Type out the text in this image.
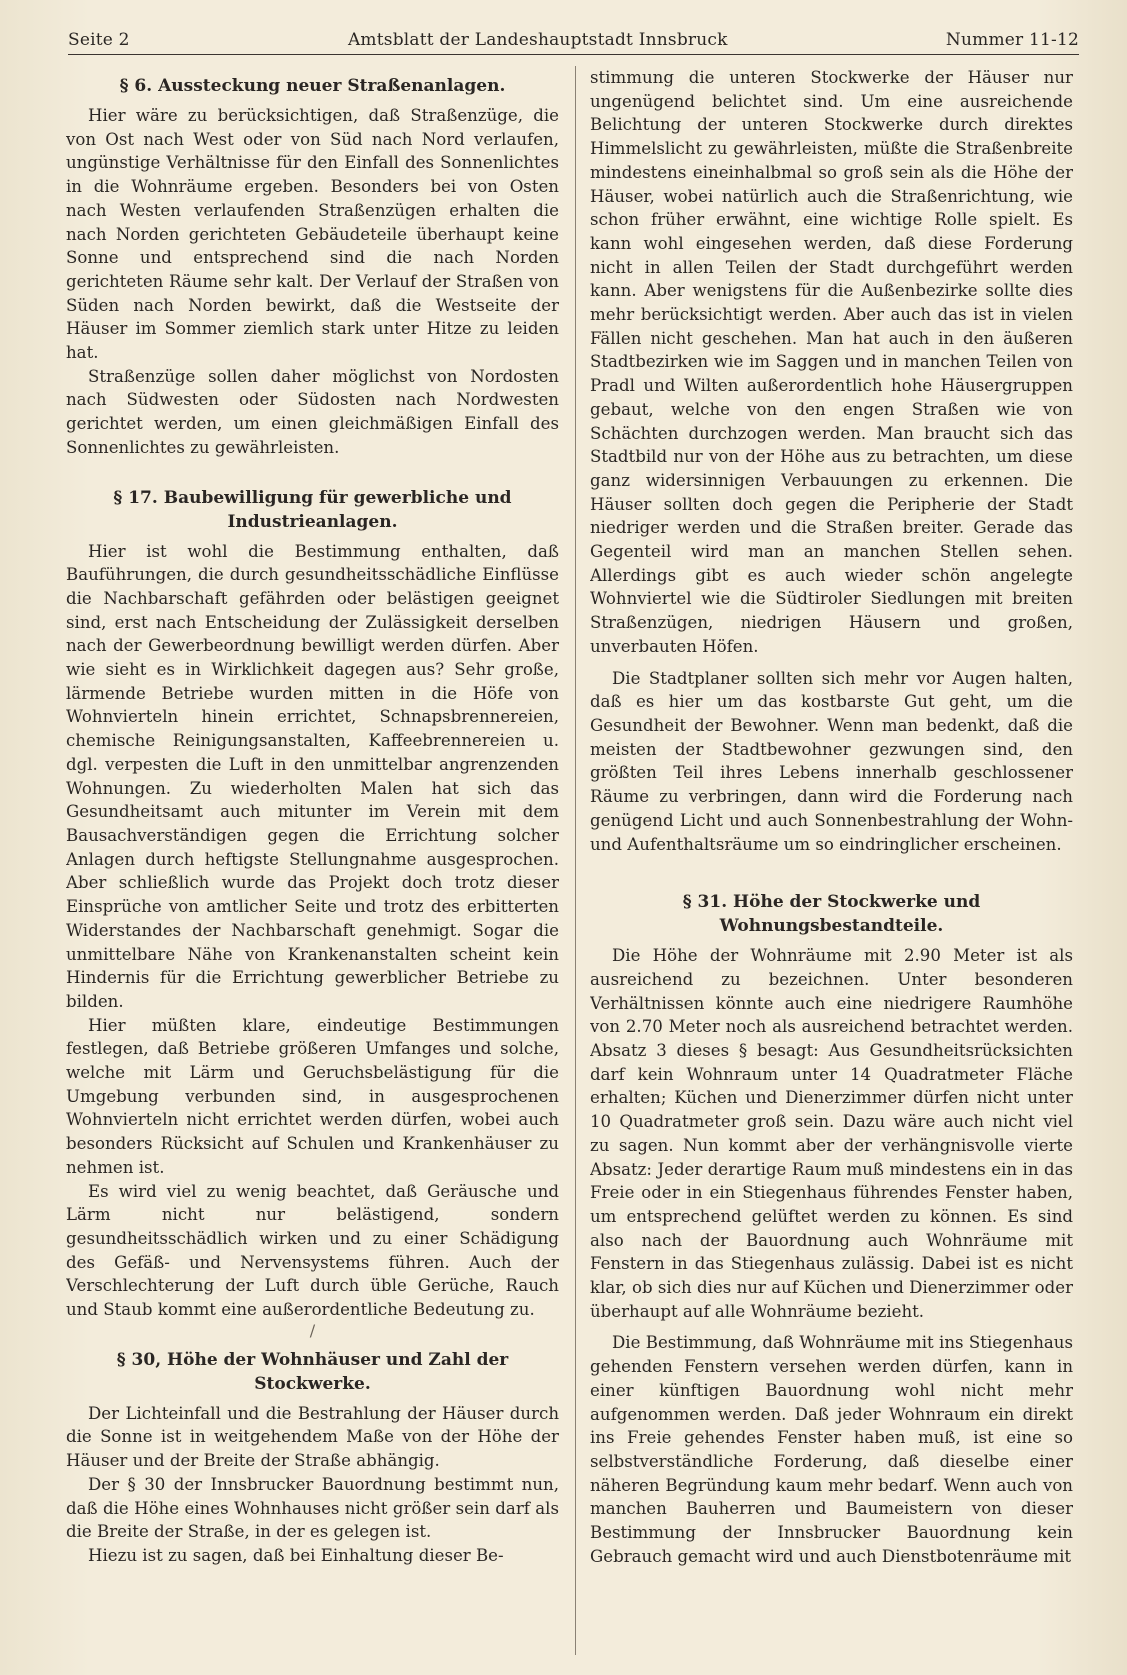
Seite 2	Amtsblatt der Landeshauptstadt Innsbruck	Nummer 11-12
§ 6. Aussteckung neuer Straßenanlagen.

Hier wäre zu berücksichtigen, daß Straßenzüge, die von Ost nach West oder von Süd nach Nord verlaufen, ungünstige Verhältnisse für den Einfall des Sonnenlichtes in die Wohnräume ergeben. Besonders bei von Osten nach Westen verlaufenden Straßenzügen erhalten die nach Norden gerichteten Gebäudeteile überhaupt keine Sonne und entsprechend sind die nach Norden gerichteten Räume sehr kalt. Der Verlauf der Straßen von Süden nach Norden bewirkt, daß die Westseite der Häuser im Sommer ziemlich stark unter Hitze zu leiden hat.

Straßenzüge sollen daher möglichst von Nordosten nach Südwesten oder Südosten nach Nordwesten gerichtet werden, um einen gleichmäßigen Einfall des Sonnenlichtes zu gewährleisten.

§ 17. Baubewilligung für gewerbliche und Industrieanlagen.

Hier ist wohl die Bestimmung enthalten, daß Bauführungen, die durch gesundheitsschädliche Einflüsse die Nachbarschaft gefährden oder belästigen geeignet sind, erst nach Entscheidung der Zulässigkeit derselben nach der Gewerbeordnung bewilligt werden dürfen. Aber wie sieht es in Wirklichkeit dagegen aus? Sehr große, lärmende Betriebe wurden mitten in die Höfe von Wohnvierteln hinein errichtet, Schnapsbrennereien, chemische Reinigungsanstalten, Kaffeebrennereien u. dgl. verpesten die Luft in den unmittelbar angrenzenden Wohnungen. Zu wiederholten Malen hat sich das Gesundheitsamt auch mitunter im Verein mit dem Bausachverständigen gegen die Errichtung solcher Anlagen durch heftigste Stellungnahme ausgesprochen. Aber schließlich wurde das Projekt doch trotz dieser Einsprüche von amtlicher Seite und trotz des erbitterten Widerstandes der Nachbarschaft genehmigt. Sogar die unmittelbare Nähe von Krankenanstalten scheint kein Hindernis für die Errichtung gewerblicher Betriebe zu bilden.

Hier müßten klare, eindeutige Bestimmungen festlegen, daß Betriebe größeren Umfanges und solche, welche mit Lärm und Geruchsbelästigung für die Umgebung verbunden sind, in ausgesprochenen Wohnvierteln nicht errichtet werden dürfen, wobei auch besonders Rücksicht auf Schulen und Krankenhäuser zu nehmen ist.

Es wird viel zu wenig beachtet, daß Geräusche und Lärm nicht nur belästigend, sondern gesundheitsschädlich wirken und zu einer Schädigung des Gefäß- und Nervensystems führen. Auch der Verschlechterung der Luft durch üble Gerüche, Rauch und Staub kommt eine außerordentliche Bedeutung zu.

/
§ 30, Höhe der Wohnhäuser und Zahl der Stockwerke.

Der Lichteinfall und die Bestrahlung der Häuser durch die Sonne ist in weitgehendem Maße von der Höhe der Häuser und der Breite der Straße abhängig.

Der § 30 der Innsbrucker Bauordnung bestimmt nun, daß die Höhe eines Wohnhauses nicht größer sein darf als die Breite der Straße, in der es gelegen ist.

Hiezu ist zu sagen, daß bei Einhaltung dieser Be-

stimmung die unteren Stockwerke der Häuser nur ungenügend belichtet sind. Um eine ausreichende Belichtung der unteren Stockwerke durch direktes Himmelslicht zu gewährleisten, müßte die Straßenbreite mindestens eineinhalbmal so groß sein als die Höhe der Häuser, wobei natürlich auch die Straßenrichtung, wie schon früher erwähnt, eine wichtige Rolle spielt. Es kann wohl eingesehen werden, daß diese Forderung nicht in allen Teilen der Stadt durchgeführt werden kann. Aber wenigstens für die Außenbezirke sollte dies mehr berücksichtigt werden. Aber auch das ist in vielen Fällen nicht geschehen. Man hat auch in den äußeren Stadtbezirken wie im Saggen und in manchen Teilen von Pradl und Wilten außerordentlich hohe Häusergruppen gebaut, welche von den engen Straßen wie von Schächten durchzogen werden. Man braucht sich das Stadtbild nur von der Höhe aus zu betrachten, um diese ganz widersinnigen Verbauungen zu erkennen. Die Häuser sollten doch gegen die Peripherie der Stadt niedriger werden und die Straßen breiter. Gerade das Gegenteil wird man an manchen Stellen sehen. Allerdings gibt es auch wieder schön angelegte Wohnviertel wie die Südtiroler Siedlungen mit breiten Straßenzügen, niedrigen Häusern und großen, unverbauten Höfen.

Die Stadtplaner sollten sich mehr vor Augen halten, daß es hier um das kostbarste Gut geht, um die Gesundheit der Bewohner. Wenn man bedenkt, daß die meisten der Stadtbewohner gezwungen sind, den größten Teil ihres Lebens innerhalb geschlossener Räume zu verbringen, dann wird die Forderung nach genügend Licht und auch Sonnenbestrahlung der Wohn- und Aufenthaltsräume um so eindringlicher erscheinen.

§ 31. Höhe der Stockwerke und Wohnungsbestandteile.

Die Höhe der Wohnräume mit 2.90 Meter ist als ausreichend zu bezeichnen. Unter besonderen Verhältnissen könnte auch eine niedrigere Raumhöhe von 2.70 Meter noch als ausreichend betrachtet werden. Absatz 3 dieses § besagt: Aus Gesundheitsrücksichten darf kein Wohnraum unter 14 Quadratmeter Fläche erhalten; Küchen und Dienerzimmer dürfen nicht unter 10 Quadratmeter groß sein. Dazu wäre auch nicht viel zu sagen. Nun kommt aber der verhängnisvolle vierte Absatz: Jeder derartige Raum muß mindestens ein in das Freie oder in ein Stiegenhaus führendes Fenster haben, um entsprechend gelüftet werden zu können. Es sind also nach der Bauordnung auch Wohnräume mit Fenstern in das Stiegenhaus zulässig. Dabei ist es nicht klar, ob sich dies nur auf Küchen und Dienerzimmer oder überhaupt auf alle Wohnräume bezieht.

Die Bestimmung, daß Wohnräume mit ins Stiegenhaus gehenden Fenstern versehen werden dürfen, kann in einer künftigen Bauordnung wohl nicht mehr aufgenommen werden. Daß jeder Wohnraum ein direkt ins Freie gehendes Fenster haben muß, ist eine so selbstverständliche Forderung, daß dieselbe einer näheren Begründung kaum mehr bedarf. Wenn auch von manchen Bauherren und Baumeistern von dieser Bestimmung der Innsbrucker Bauordnung kein Gebrauch gemacht wird und auch Dienstbotenräume mit
